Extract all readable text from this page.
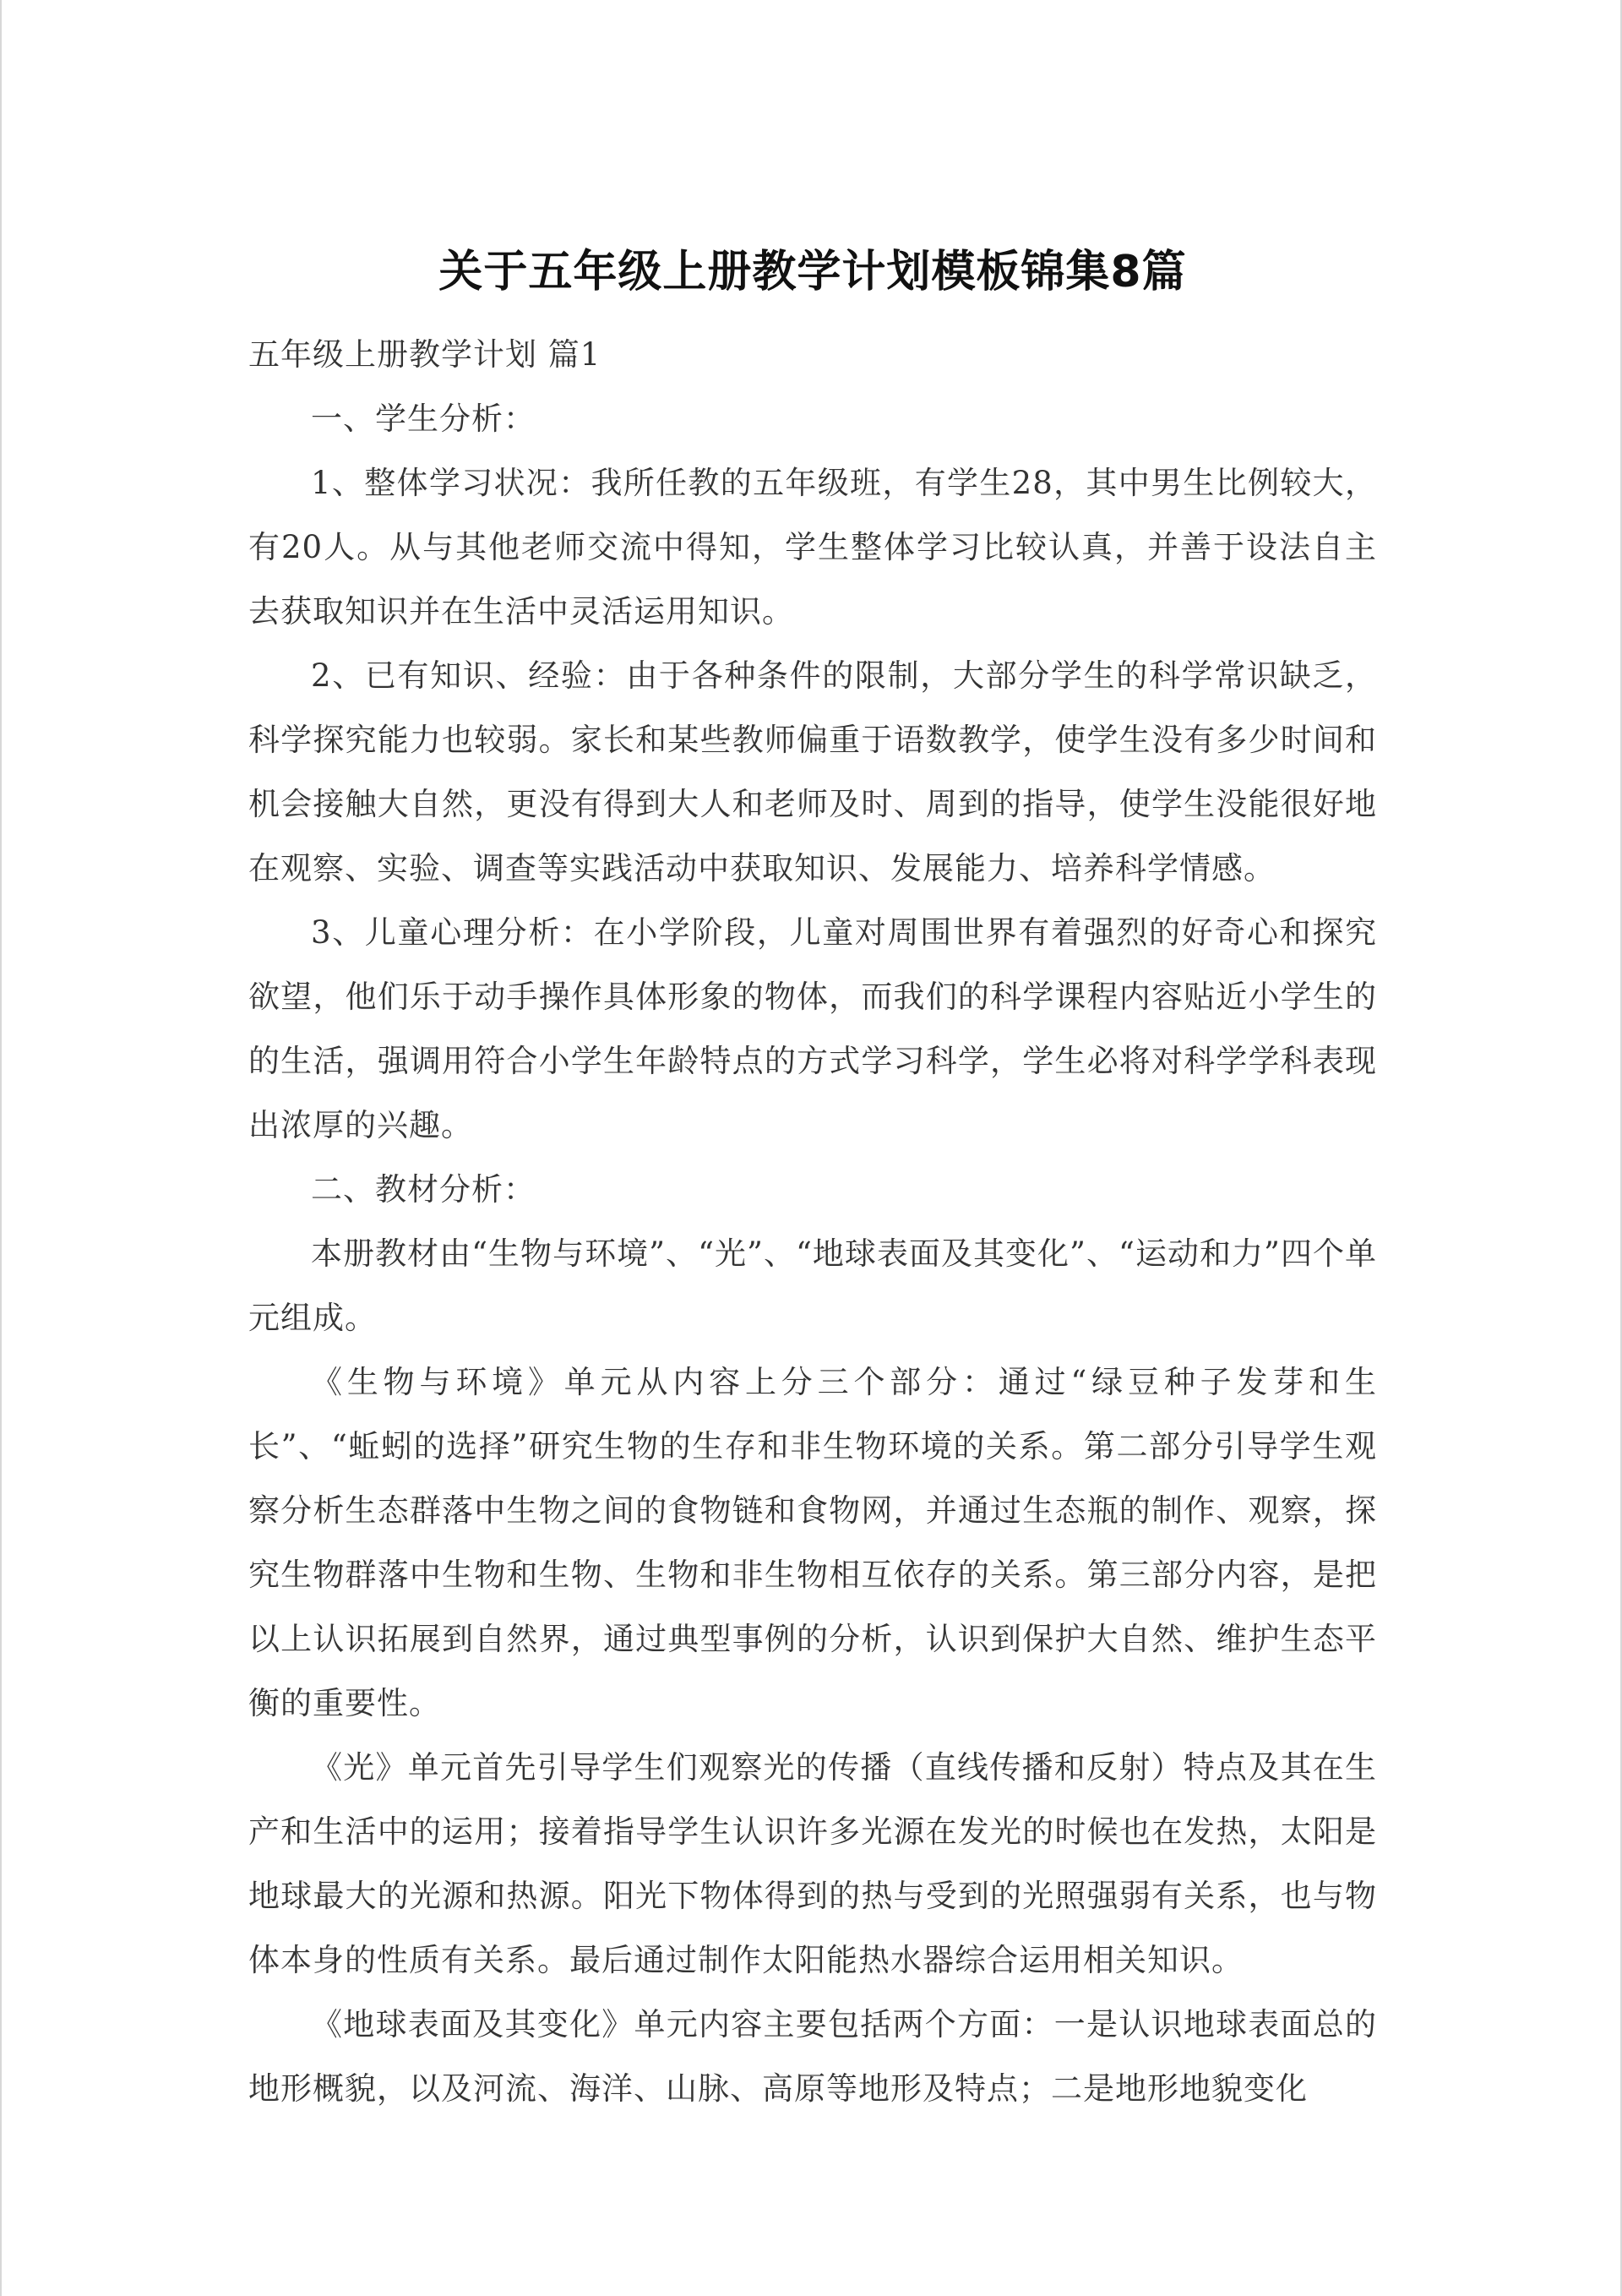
关于五年级上册教学计划模板锦集8篇

五年级上册教学计划 篇1

一、学生分析：

1、整体学习状况：我所任教的五年级班，有学生28，其中男生比例较大，有20人。从与其他老师交流中得知，学生整体学习比较认真，并善于设法自主去获取知识并在生活中灵活运用知识。

2、已有知识、经验：由于各种条件的限制，大部分学生的科学常识缺乏，科学探究能力也较弱。家长和某些教师偏重于语数教学，使学生没有多少时间和机会接触大自然，更没有得到大人和老师及时、周到的指导，使学生没能很好地在观察、实验、调查等实践活动中获取知识、发展能力、培养科学情感。

3、儿童心理分析：在小学阶段，儿童对周围世界有着强烈的好奇心和探究欲望，他们乐于动手操作具体形象的物体，而我们的科学课程内容贴近小学生的的生活，强调用符合小学生年龄特点的方式学习科学，学生必将对科学学科表现出浓厚的兴趣。

二、教材分析：

本册教材由“生物与环境”、“光”、“地球表面及其变化”、“运动和力”四个单元组成。

《生物与环境》单元从内容上分三个部分：通过“绿豆种子发芽和生长”、“蚯蚓的选择”研究生物的生存和非生物环境的关系。第二部分引导学生观察分析生态群落中生物之间的食物链和食物网，并通过生态瓶的制作、观察，探究生物群落中生物和生物、生物和非生物相互依存的关系。第三部分内容，是把以上认识拓展到自然界，通过典型事例的分析，认识到保护大自然、维护生态平衡的重要性。

《光》单元首先引导学生们观察光的传播（直线传播和反射）特点及其在生产和生活中的运用；接着指导学生认识许多光源在发光的时候也在发热，太阳是地球最大的光源和热源。阳光下物体得到的热与受到的光照强弱有关系，也与物体本身的性质有关系。最后通过制作太阳能热水器综合运用相关知识。

《地球表面及其变化》单元内容主要包括两个方面：一是认识地球表面总的地形概貌，以及河流、海洋、山脉、高原等地形及特点；二是地形地貌变化
